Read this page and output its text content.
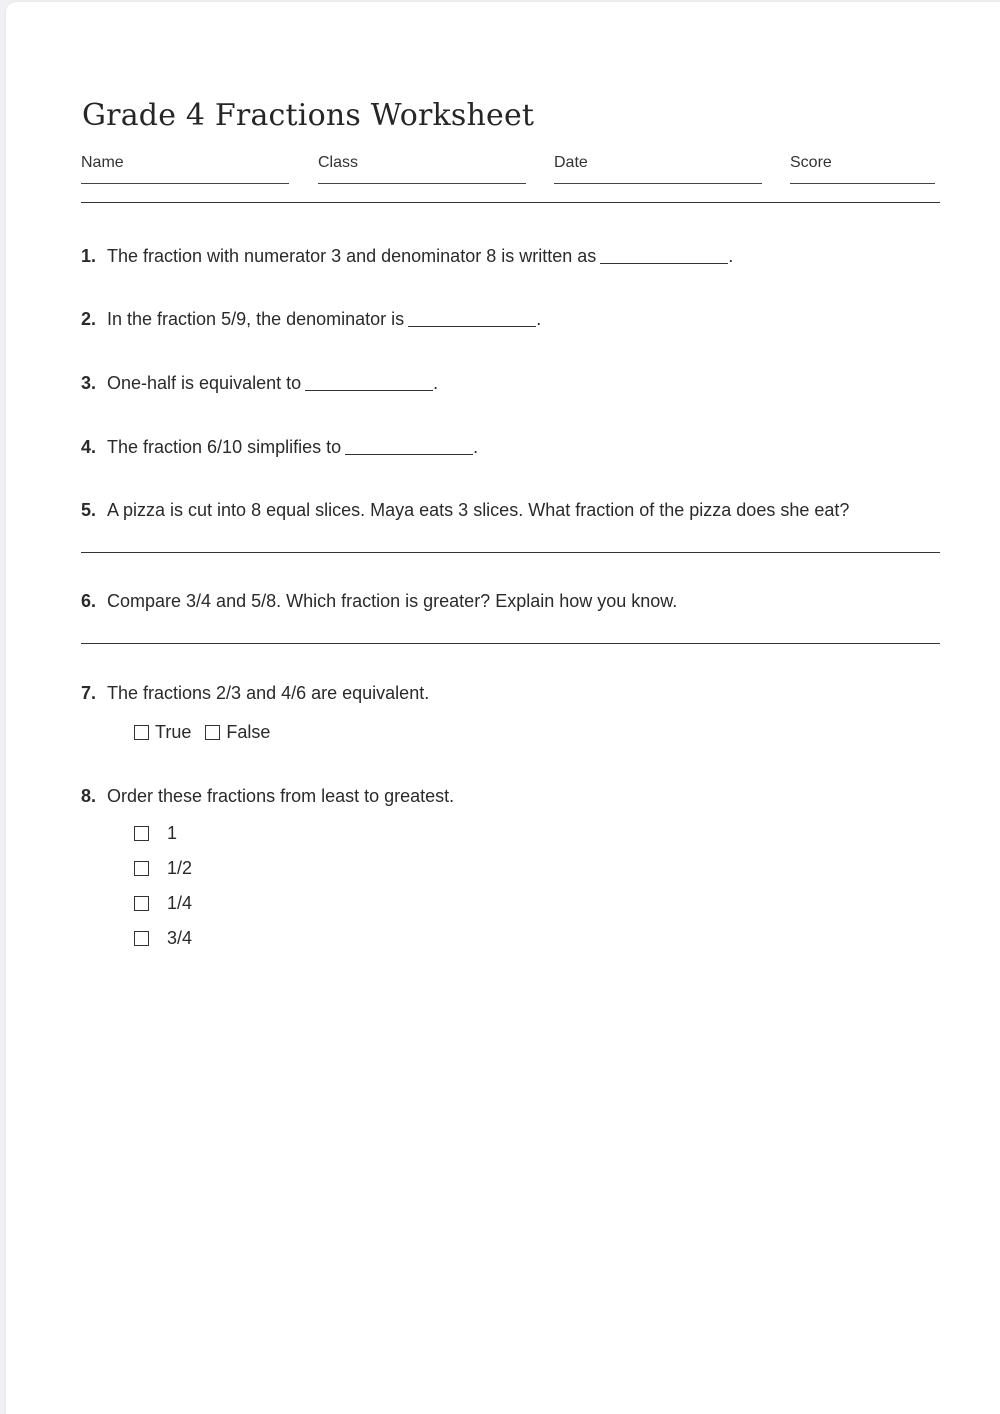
Grade 4 Fractions Worksheet
Name	Class	Date	Score
1. The fraction with numerator 3 and denominator 8 is written as	.
2. In the fraction 5/9, the denominator is	.
3. One-half is equivalent to	.
4. The fraction 6/10 simplifies to	.
5. A pizza is cut into 8 equal slices. Maya eats 3 slices. What fraction of the pizza does she eat?
6. Compare 3/4 and 5/8. Which fraction is greater? Explain how you know.
7. The fractions 2/3 and 4/6 are equivalent.
True False
8. Order these fractions from least to greatest.
1
1/2
1/4
3/4
